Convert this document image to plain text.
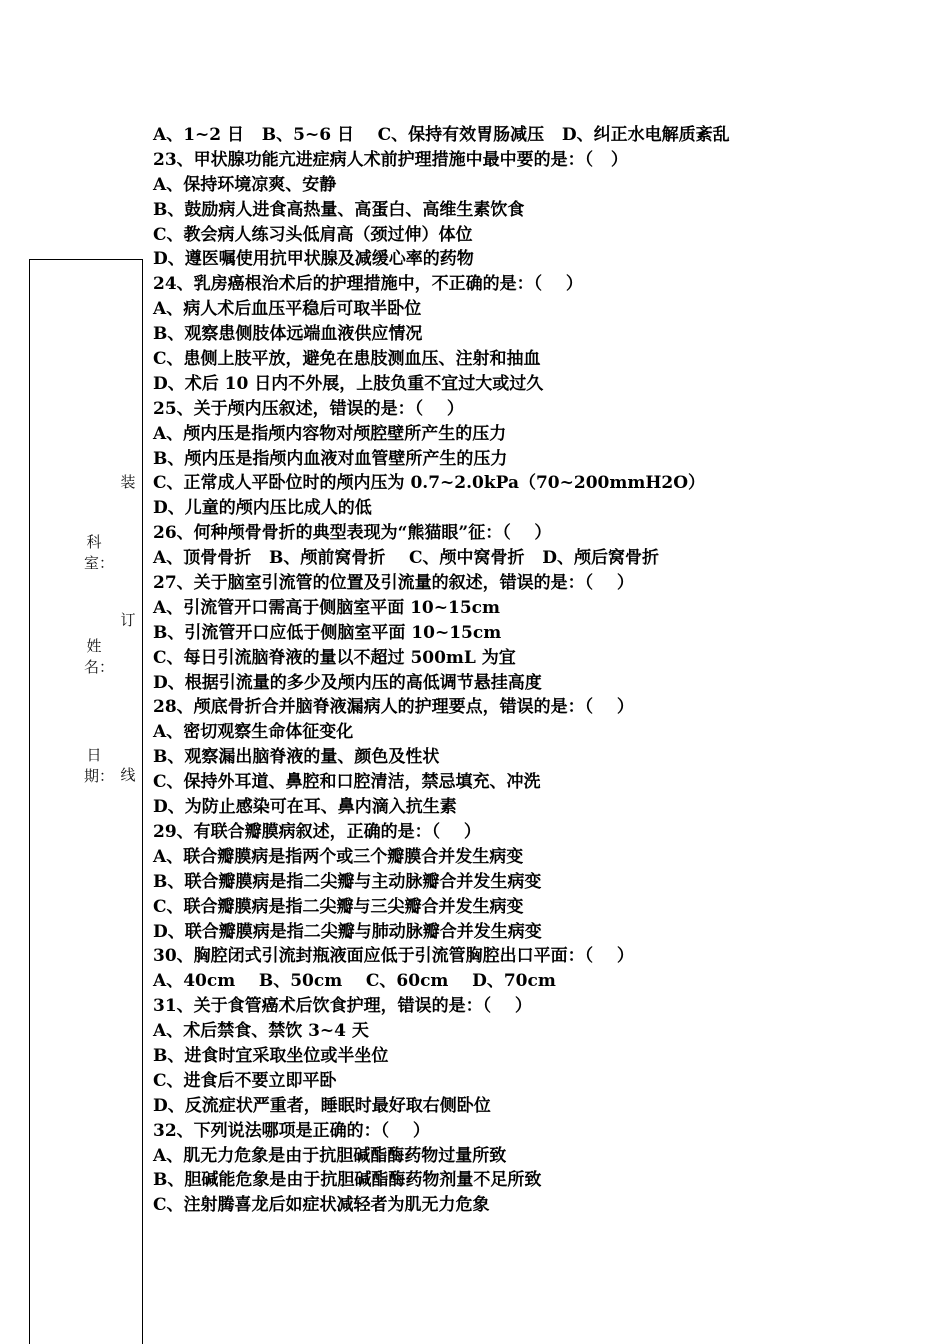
装
订
线
科室：
姓名：
日期：
A、1~2 日   B、5~6 日    C、保持有效胃肠减压   D、纠正水电解质紊乱
23、甲状腺功能亢进症病人术前护理措施中最中要的是：（   ）
A、保持环境凉爽、安静
B、鼓励病人进食高热量、高蛋白、高维生素饮食
C、教会病人练习头低肩高（颈过伸）体位
D、遵医嘱使用抗甲状腺及减缓心率的药物
24、乳房癌根治术后的护理措施中，不正确的是：（    ）
A、病人术后血压平稳后可取半卧位
B、观察患侧肢体远端血液供应情况
C、患侧上肢平放，避免在患肢测血压、注射和抽血
D、术后 10 日内不外展，上肢负重不宜过大或过久
25、关于颅内压叙述，错误的是：（    ）
A、颅内压是指颅内容物对颅腔壁所产生的压力
B、颅内压是指颅内血液对血管壁所产生的压力
C、正常成人平卧位时的颅内压为 0.7~2.0kPa（70~200mmH2O）
D、儿童的颅内压比成人的低
26、何种颅骨骨折的典型表现为“熊猫眼”征：（    ）
A、顶骨骨折   B、颅前窝骨折    C、颅中窝骨折   D、颅后窝骨折
27、关于脑室引流管的位置及引流量的叙述，错误的是：（    ）
A、引流管开口需高于侧脑室平面 10~15cm
B、引流管开口应低于侧脑室平面 10~15cm
C、每日引流脑脊液的量以不超过 500mL 为宜
D、根据引流量的多少及颅内压的高低调节悬挂高度
28、颅底骨折合并脑脊液漏病人的护理要点，错误的是：（    ）
A、密切观察生命体征变化
B、观察漏出脑脊液的量、颜色及性状
C、保持外耳道、鼻腔和口腔清洁，禁忌填充、冲洗
D、为防止感染可在耳、鼻内滴入抗生素
29、有联合瓣膜病叙述，正确的是：（    ）
A、联合瓣膜病是指两个或三个瓣膜合并发生病变
B、联合瓣膜病是指二尖瓣与主动脉瓣合并发生病变
C、联合瓣膜病是指二尖瓣与三尖瓣合并发生病变
D、联合瓣膜病是指二尖瓣与肺动脉瓣合并发生病变
30、胸腔闭式引流封瓶液面应低于引流管胸腔出口平面：（    ）
A、40cm    B、50cm    C、60cm    D、70cm
31、关于食管癌术后饮食护理，错误的是：（    ）
A、术后禁食、禁饮 3~4 天
B、进食时宜采取坐位或半坐位
C、进食后不要立即平卧
D、反流症状严重者，睡眠时最好取右侧卧位
32、下列说法哪项是正确的：（    ）
A、肌无力危象是由于抗胆碱酯酶药物过量所致
B、胆碱能危象是由于抗胆碱酯酶药物剂量不足所致
C、注射腾喜龙后如症状减轻者为肌无力危象
